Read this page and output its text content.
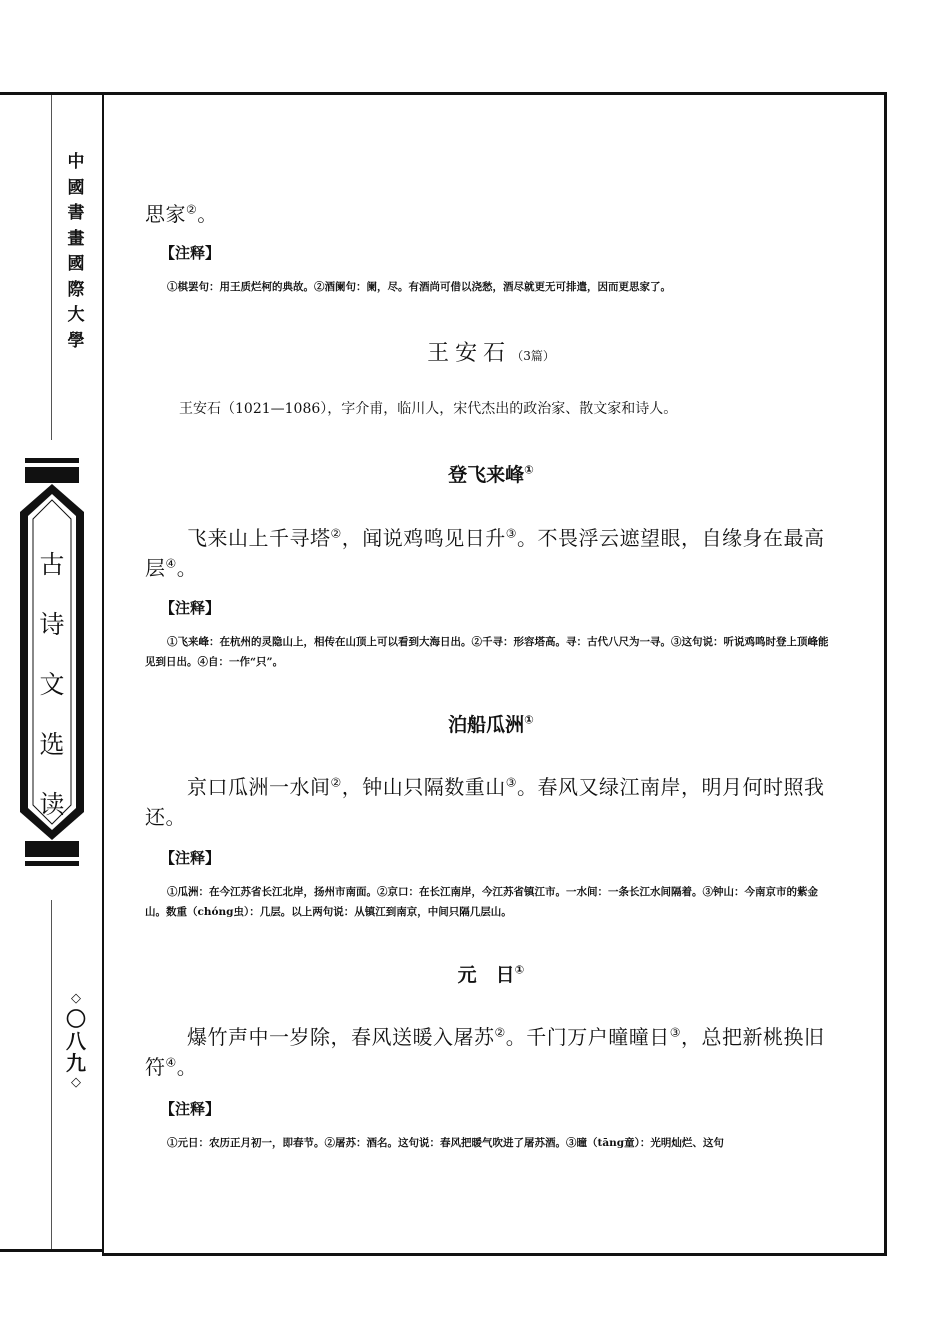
中
國
書
畫
國
際
大
學
古
诗
文
选
读
◇
〇
八
九
◇

思家②。

【注释】

①棋罢句：用王质烂柯的典故。②酒阑句：阑，尽。有酒尚可借以浇愁，酒尽就更无可排遣，因而更思家了。

王安石（3篇）

王安石（1021—1086），字介甫，临川人，宋代杰出的政治家、散文家和诗人。

登飞来峰①

飞来山上千寻塔②，闻说鸡鸣见日升③。不畏浮云遮望眼，自缘身在最高层④。

【注释】

①飞来峰：在杭州的灵隐山上，相传在山顶上可以看到大海日出。②千寻：形容塔高。寻：古代八尺为一寻。③这句说：听说鸡鸣时登上顶峰能见到日出。④自：一作“只”。

泊船瓜洲①

京口瓜洲一水间②，钟山只隔数重山③。春风又绿江南岸，明月何时照我还。

【注释】

①瓜洲：在今江苏省长江北岸，扬州市南面。②京口：在长江南岸，今江苏省镇江市。一水间：一条长江水间隔着。③钟山：今南京市的紫金山。数重（chóng虫）：几层。以上两句说：从镇江到南京，中间只隔几层山。

元　日①

爆竹声中一岁除，春风送暖入屠苏②。千门万户曈曈日③，总把新桃换旧符④。

【注释】

①元日：农历正月初一，即春节。②屠苏：酒名。这句说：春风把暖气吹进了屠苏酒。③曈（tāng童）：光明灿烂、这句
